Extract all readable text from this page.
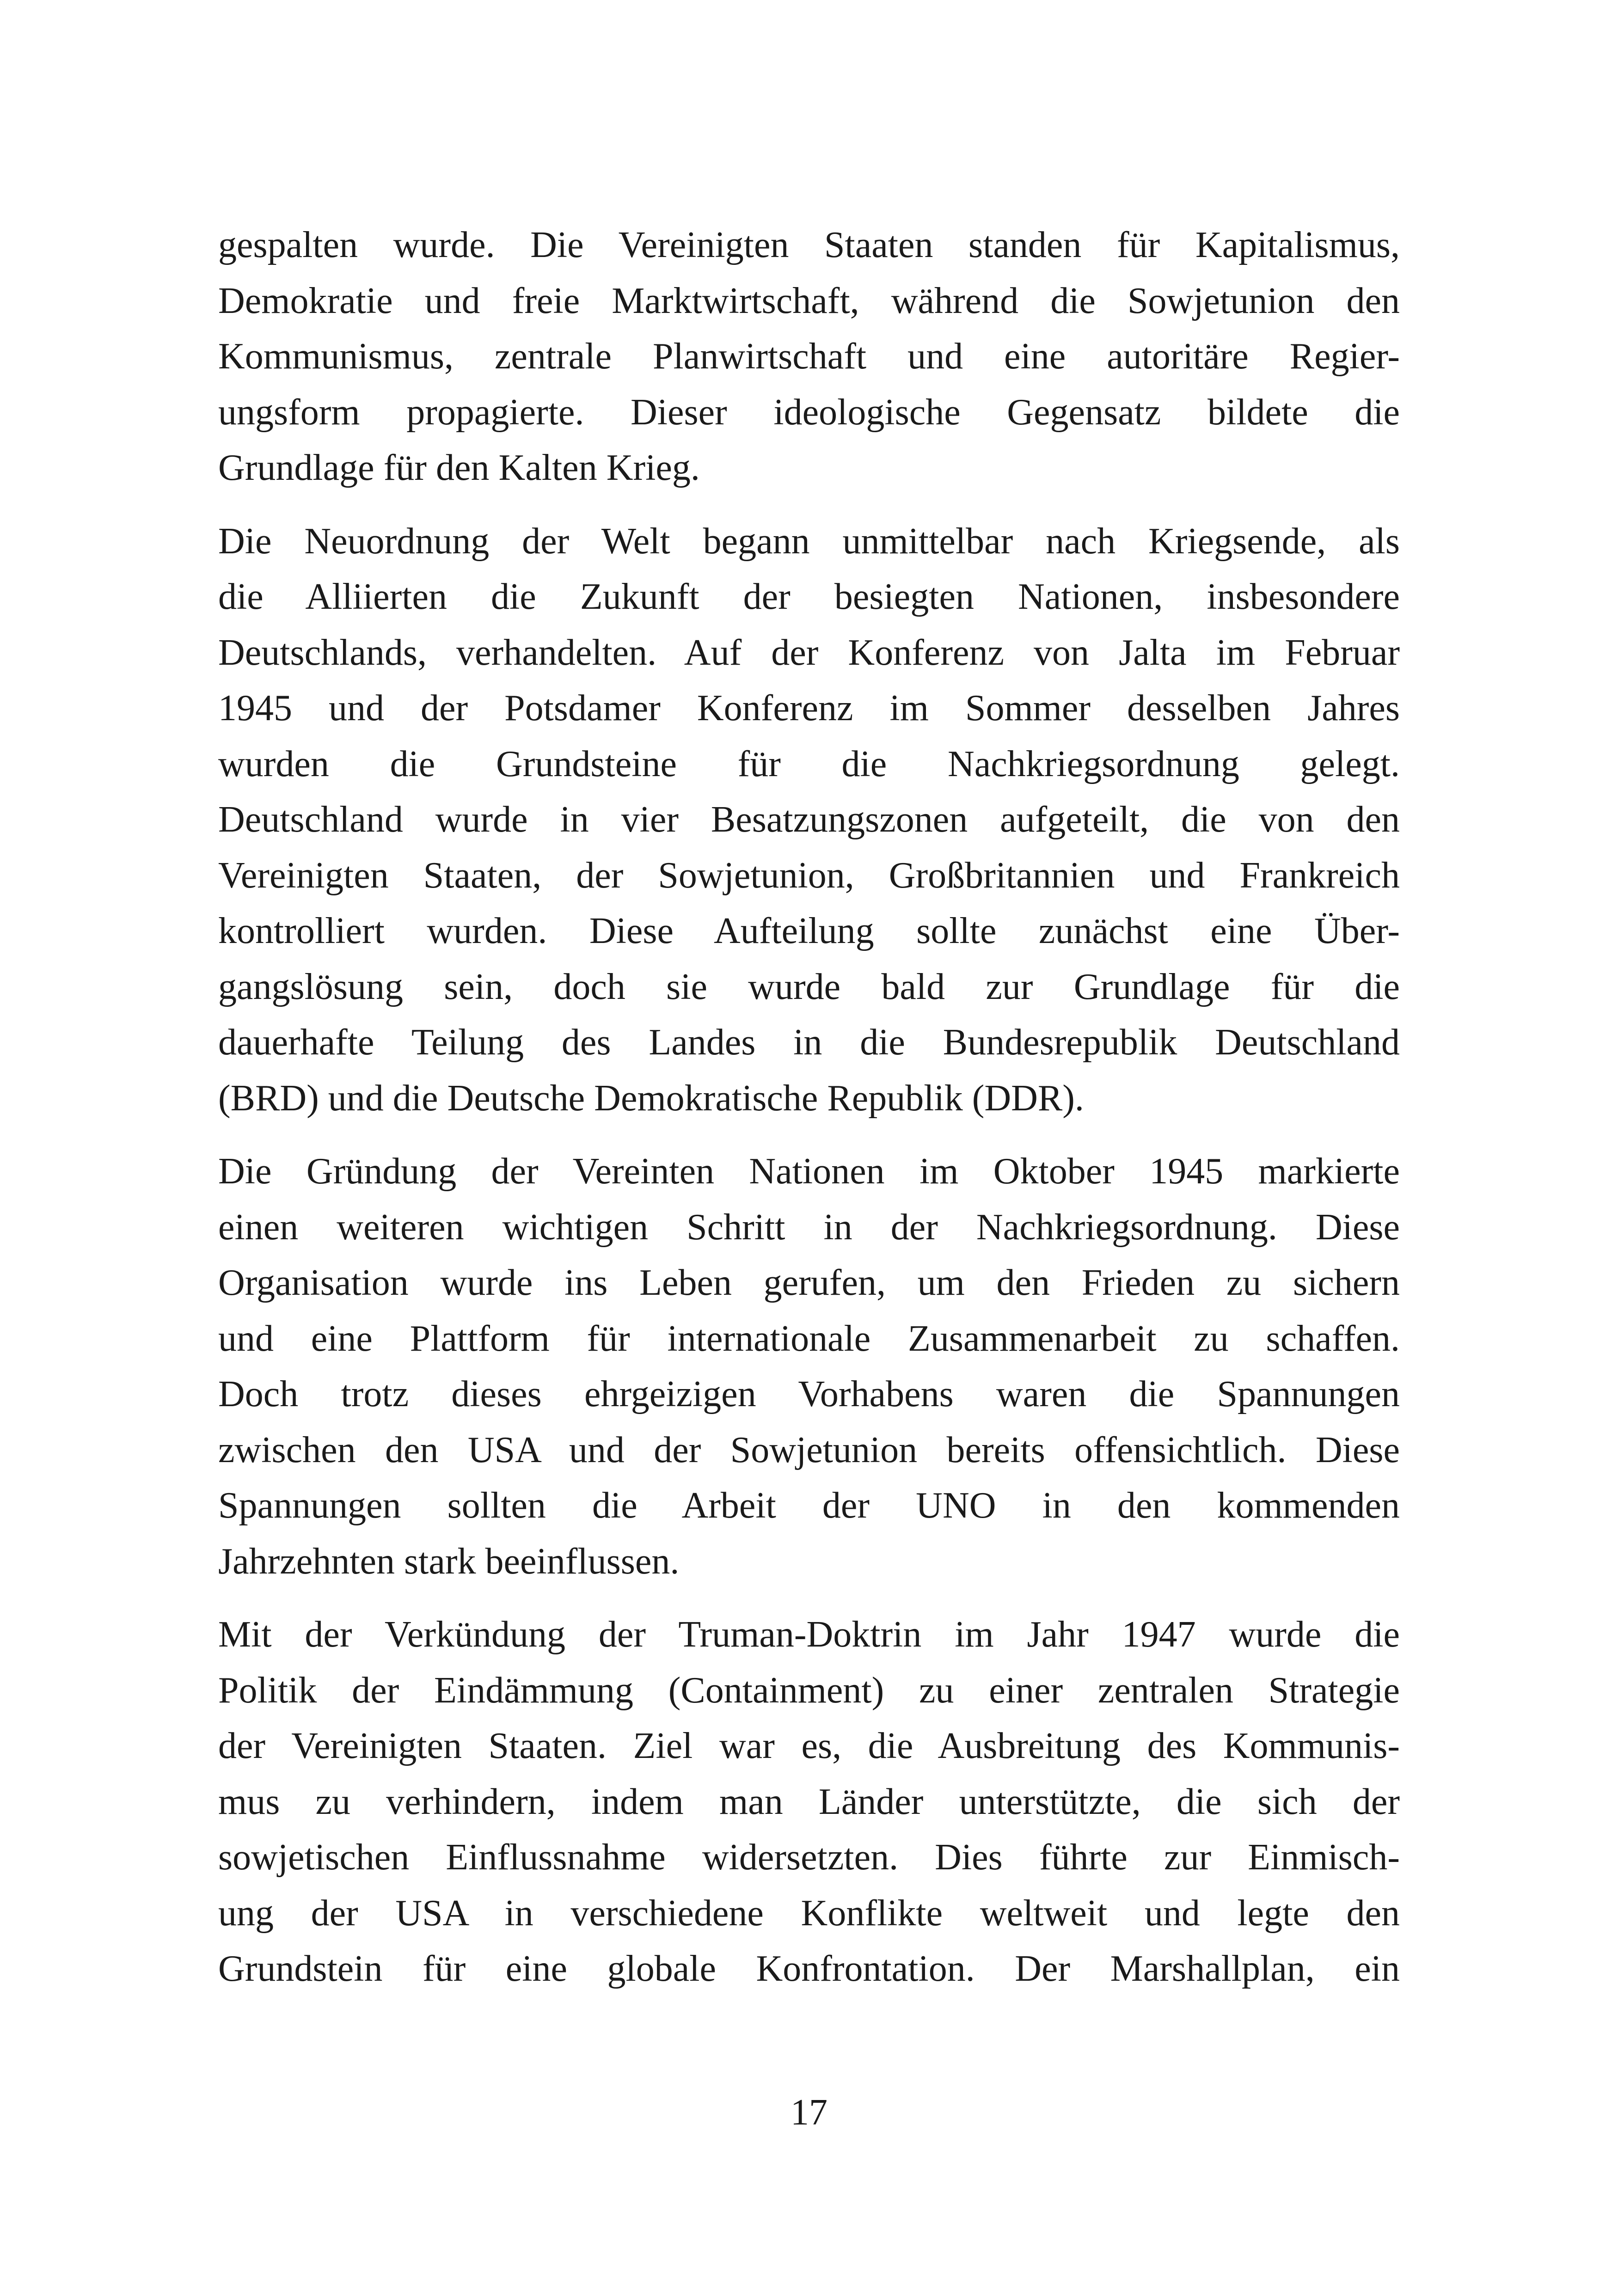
gespalten wurde. Die Vereinigten Staaten standen für Kapitalismus,
Demokratie und freie Marktwirtschaft, während die Sowjetunion den
Kommunismus, zentrale Planwirtschaft und eine autoritäre Regier-
ungsform propagierte. Dieser ideologische Gegensatz bildete die
Grundlage für den Kalten Krieg.

Die Neuordnung der Welt begann unmittelbar nach Kriegsende, als
die Alliierten die Zukunft der besiegten Nationen, insbesondere
Deutschlands, verhandelten. Auf der Konferenz von Jalta im Februar
1945 und der Potsdamer Konferenz im Sommer desselben Jahres
wurden die Grundsteine für die Nachkriegsordnung gelegt.
Deutschland wurde in vier Besatzungszonen aufgeteilt, die von den
Vereinigten Staaten, der Sowjetunion, Großbritannien und Frankreich
kontrolliert wurden. Diese Aufteilung sollte zunächst eine Über-
gangslösung sein, doch sie wurde bald zur Grundlage für die
dauerhafte Teilung des Landes in die Bundesrepublik Deutschland
(BRD) und die Deutsche Demokratische Republik (DDR).

Die Gründung der Vereinten Nationen im Oktober 1945 markierte
einen weiteren wichtigen Schritt in der Nachkriegsordnung. Diese
Organisation wurde ins Leben gerufen, um den Frieden zu sichern
und eine Plattform für internationale Zusammenarbeit zu schaffen.
Doch trotz dieses ehrgeizigen Vorhabens waren die Spannungen
zwischen den USA und der Sowjetunion bereits offensichtlich. Diese
Spannungen sollten die Arbeit der UNO in den kommenden
Jahrzehnten stark beeinflussen.

Mit der Verkündung der Truman-Doktrin im Jahr 1947 wurde die
Politik der Eindämmung (Containment) zu einer zentralen Strategie
der Vereinigten Staaten. Ziel war es, die Ausbreitung des Kommunis-
mus zu verhindern, indem man Länder unterstützte, die sich der
sowjetischen Einflussnahme widersetzten. Dies führte zur Einmisch-
ung der USA in verschiedene Konflikte weltweit und legte den
Grundstein für eine globale Konfrontation. Der Marshallplan, ein

17
